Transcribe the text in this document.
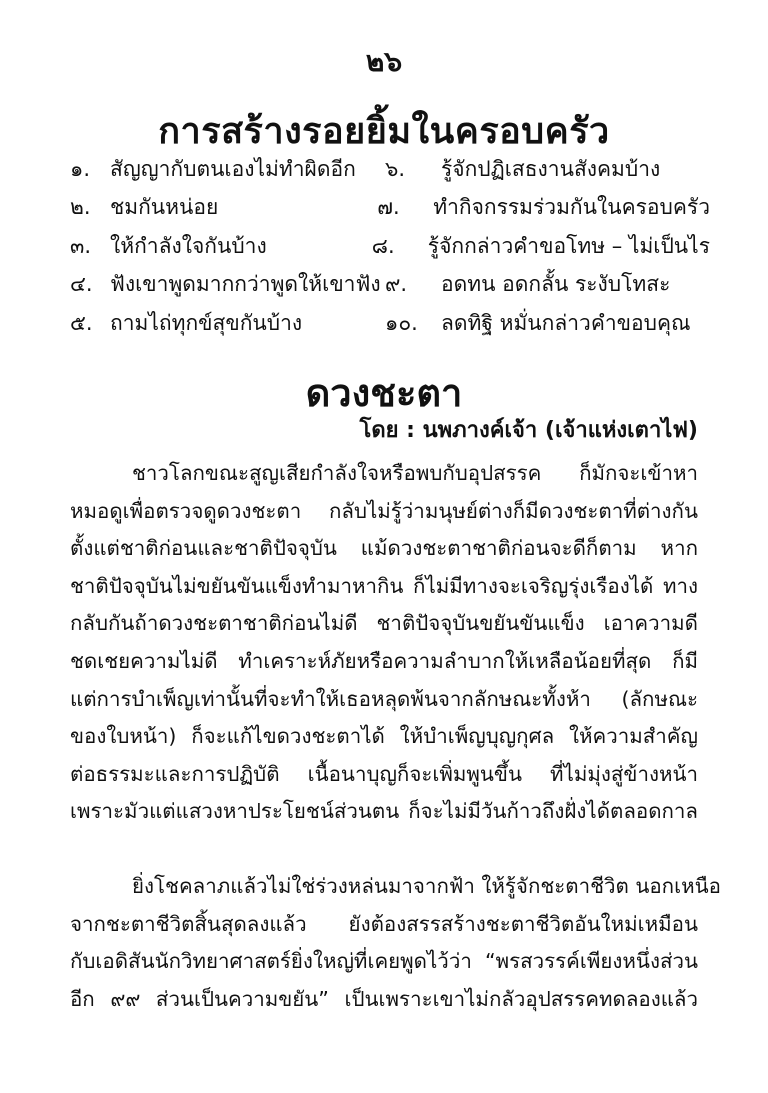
๒๖
การสร้างรอยยิ้มในครอบครัว
๑. สัญญากับตนเองไม่ทำผิดอีก ๖.	รู้จักปฏิเสธงานสังคมบ้าง
๒. ชมกันหน่อย	๗.	ทำกิจกรรมร่วมกันในครอบครัว
๓. ให้กำลังใจกันบ้าง	๘.	รู้จักกล่าวคำขอโทษ – ไม่เป็นไร
๔. ฟังเขาพูดมากกว่าพูดให้เขาฟัง ๙.	อดทน อดกลั้น ระงับโทสะ
๕. ถามไถ่ทุกข์สุขกันบ้าง	๑๐.	ลดทิฐิ หมั่นกล่าวคำขอบคุณ
ดวงชะตา
โดย : นพภางค์เจ้า (เจ้าแห่งเตาไฟ)
ชาวโลกขณะสูญเสียกำลังใจหรือพบกับอุปสรรค ก็มักจะเข้าหา
หมอดูเพื่อตรวจดูดวงชะตา กลับไม่รู้ว่ามนุษย์ต่างก็มีดวงชะตาที่ต่างกัน
ตั้งแต่ชาติก่อนและชาติปัจจุบัน แม้ดวงชะตาชาติก่อนจะดีก็ตาม หาก
ชาติปัจจุบันไม่ขยันขันแข็งทำมาหากิน ก็ไม่มีทางจะเจริญรุ่งเรืองได้ ทาง
กลับกันถ้าดวงชะตาชาติก่อนไม่ดี ชาติปัจจุบันขยันขันแข็ง เอาความดี
ชดเชยความไม่ดี ทำเคราะห์ภัยหรือความลำบากให้เหลือน้อยที่สุด ก็มี
แต่การบำเพ็ญเท่านั้นที่จะทำให้เธอหลุดพ้นจากลักษณะทั้งห้า (ลักษณะ
ของใบหน้า) ก็จะแก้ไขดวงชะตาได้ ให้บำเพ็ญบุญกุศล ให้ความสำคัญ
ต่อธรรมะและการปฏิบัติ เนื้อนาบุญก็จะเพิ่มพูนขึ้น ที่ไม่มุ่งสู่ข้างหน้า
เพราะมัวแต่แสวงหาประโยชน์ส่วนตน ก็จะไม่มีวันก้าวถึงฝั่งได้ตลอดกาล
ยิ่งโชคลาภแล้วไม่ใช่ร่วงหล่นมาจากฟ้า ให้รู้จักชะตาชีวิต นอกเหนือ
จากชะตาชีวิตสิ้นสุดลงแล้ว ยังต้องสรรสร้างชะตาชีวิตอันใหม่เหมือน
กับเอดิสันนักวิทยาศาสตร์ยิ่งใหญ่ที่เคยพูดไว้ว่า “พรสวรรค์เพียงหนึ่งส่วน
อีก ๙๙ ส่วนเป็นความขยัน” เป็นเพราะเขาไม่กลัวอุปสรรคทดลองแล้ว
